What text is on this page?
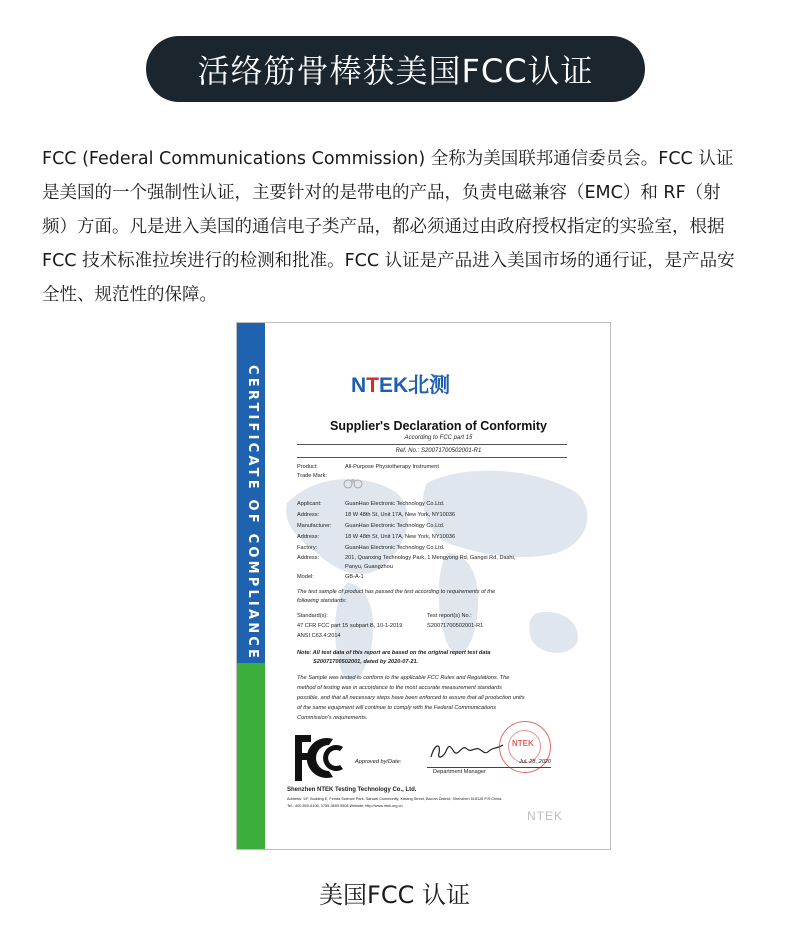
活络筋骨棒获美国FCC认证
FCC (Federal Communications Commission) 全称为美国联邦通信委员会。FCC 认证
是美国的一个强制性认证，主要针对的是带电的产品，负责电磁兼容（EMC）和 RF（射
频）方面。凡是进入美国的通信电子类产品，都必须通过由政府授权指定的实验室，根据
FCC 技术标准拉埃进行的检测和批准。FCC 认证是产品进入美国市场的通行证，是产品安
全性、规范性的保障。
CERTIFICATE OF COMPLIANCE	NTEK北测
Supplier's Declaration of Conformity
According to FCC part 15
Ref. No.: S20071700502001-R1
Product:	All-Purpose Physiotherapy Instrument
Trade Mark:
Applicant:	GuanHao Electronic Technology Co.Ltd.
Address:	18 W 48th St, Unit 17A, New York, NY10036
Manufacturer: GuanHao Electronic Technology Co.Ltd.
Address:	18 W 48th St, Unit 17A, New York, NY10036
Factory:	GuanHao Electronic Technology Co.Ltd.
Address:	201, Quanxing Technology Park, 1 Mengyong Rd, Gangxi Rd, Dashi,
Panyu, Guangzhou
Model:	GB-A-1
The test sample of product has passed the test according to requirements of the
following standards:
Standard(s):	Test report(s) No.:
47 CFR FCC part 15 subpart B, 10-1-2019	S20071700502001-R1
ANSI C63.4:2014
Note: All test data of this report are based on the original report test data
S20071700502001, dated by 2020-07-21.
The Sample was tested to conform to the applicable FCC Rules and Regulations. The
method of testing was in accordance to the most accurate measurement standards
possible, and that all necessary steps have been enforced to assure that all production units
of the same equipment will continue to comply with the Federal Communications
Commission's requirements.
Approved by/Date:
NTEK
Jul. 28, 2020
Department Manager
Shenzhen NTEK Testing Technology Co., Ltd.
Address: 1/F, Building E, Fenda Science Park, Sanwei Community, Xixiang Street, Bao'an District, Shenzhen 518126 P.R.China.
Tel.: 400-800-6106, 0755-3699 5508 Website: http://www.ntek.org.cn
NTEK
美国FCC 认证
